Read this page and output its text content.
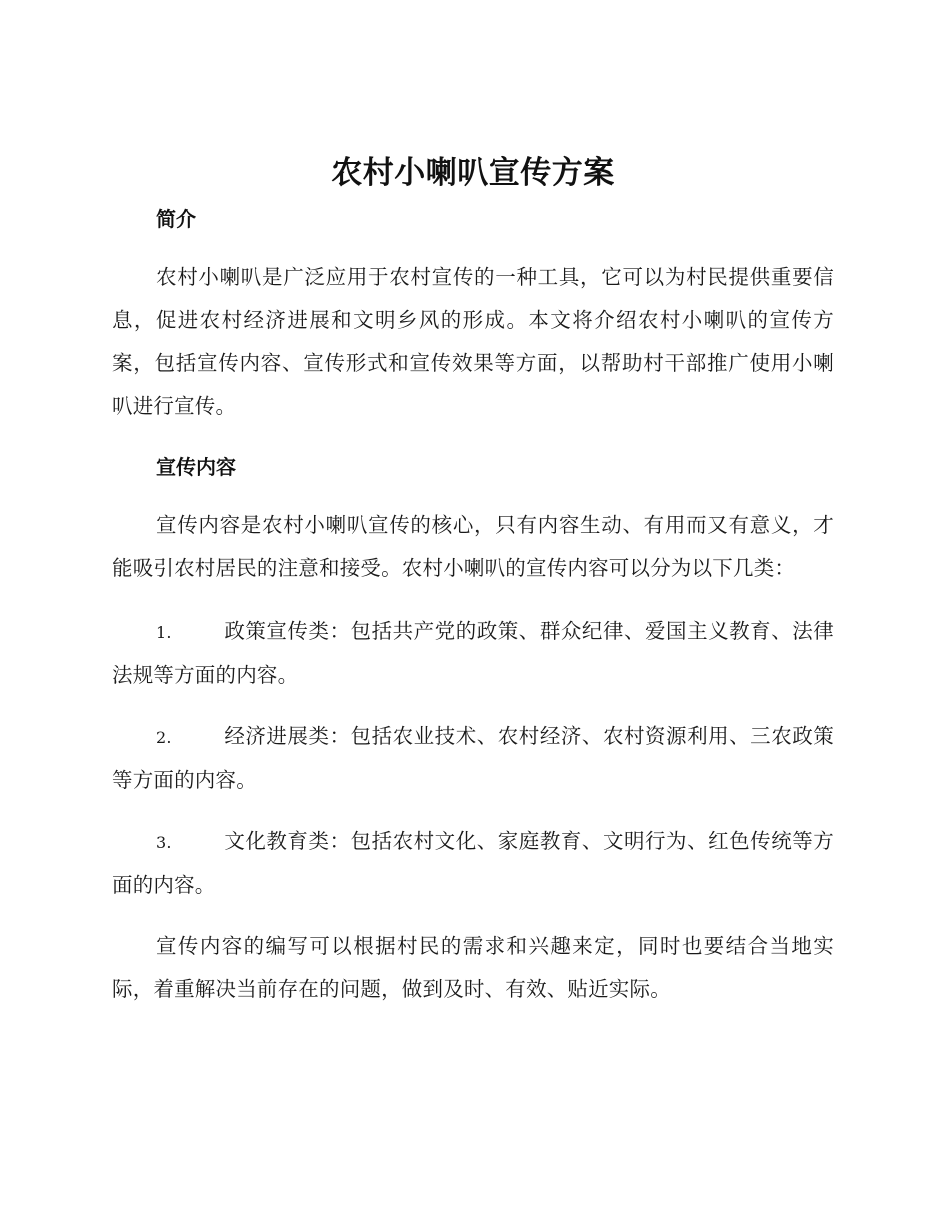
农村小喇叭宣传方案
简介

农村小喇叭是广泛应用于农村宣传的一种工具，它可以为村民提供重要信息，促进农村经济进展和文明乡风的形成。本文将介绍农村小喇叭的宣传方案，包括宣传内容、宣传形式和宣传效果等方面，以帮助村干部推广使用小喇叭进行宣传。

宣传内容

宣传内容是农村小喇叭宣传的核心，只有内容生动、有用而又有意义，才能吸引农村居民的注意和接受。农村小喇叭的宣传内容可以分为以下几类：

1.	政策宣传类：包括共产党的政策、群众纪律、爱国主义教育、法律法规等方面的内容。
2.	经济进展类：包括农业技术、农村经济、农村资源利用、三农政策等方面的内容。
3.	文化教育类：包括农村文化、家庭教育、文明行为、红色传统等方面的内容。

宣传内容的编写可以根据村民的需求和兴趣来定，同时也要结合当地实际，着重解决当前存在的问题，做到及时、有效、贴近实际。
